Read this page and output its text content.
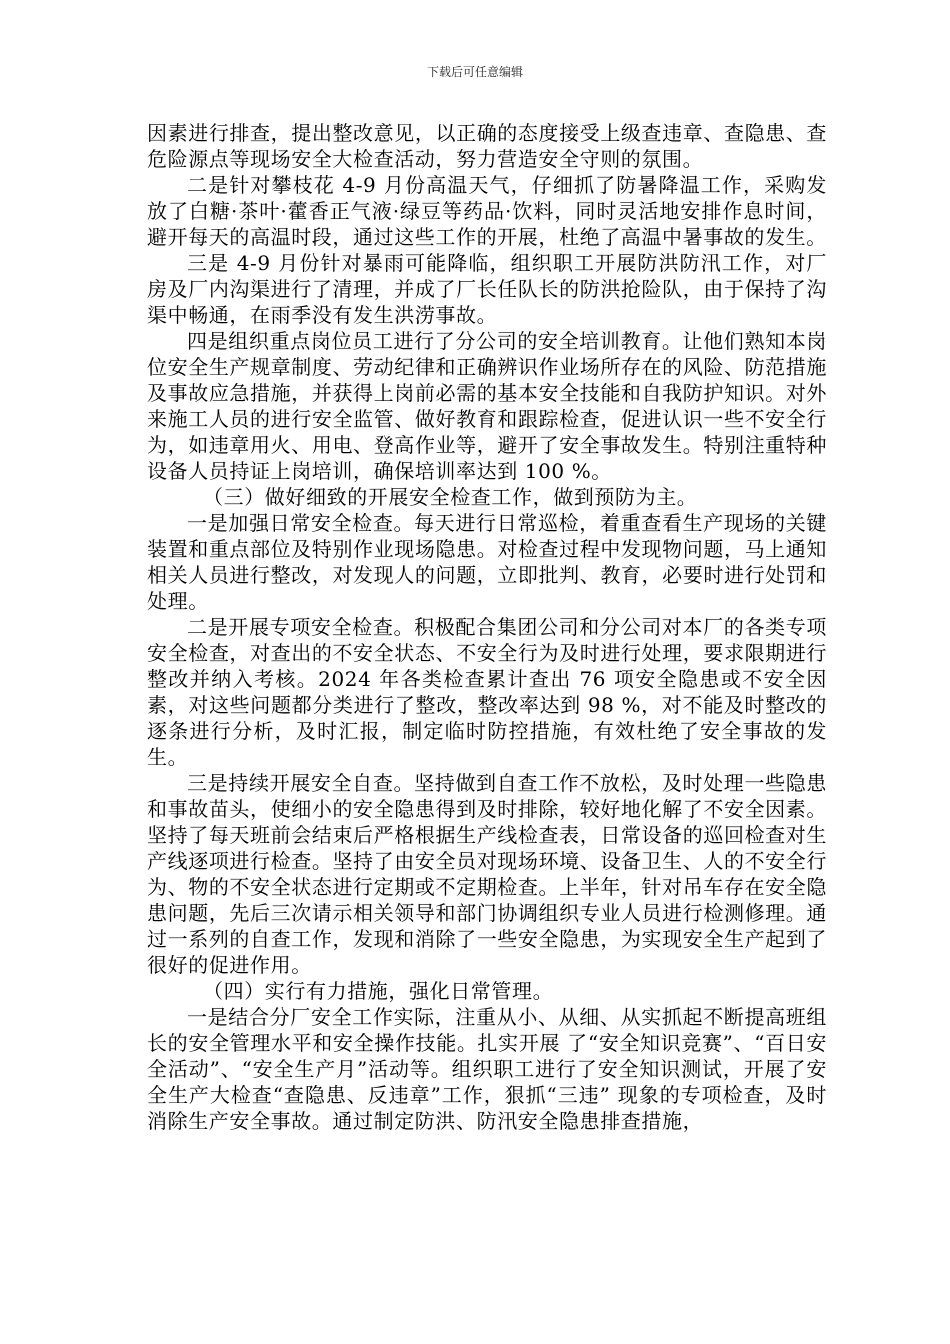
下载后可任意编辑

因素进行排查，提出整改意见，以正确的态度接受上级查违章、查隐患、查危险源点等现场安全大检查活动，努力营造安全守则的氛围。

二是针对攀枝花 4-9 月份高温天气，仔细抓了防暑降温工作，采购发放了白糖·茶叶·藿香正气液·绿豆等药品·饮料，同时灵活地安排作息时间，避开每天的高温时段，通过这些工作的开展，杜绝了高温中暑事故的发生。

三是 4-9 月份针对暴雨可能降临，组织职工开展防洪防汛工作，对厂房及厂内沟渠进行了清理，并成了厂长任队长的防洪抢险队，由于保持了沟渠中畅通，在雨季没有发生洪涝事故。

四是组织重点岗位员工进行了分公司的安全培训教育。让他们熟知本岗位安全生产规章制度、劳动纪律和正确辨识作业场所存在的风险、防范措施及事故应急措施，并获得上岗前必需的基本安全技能和自我防护知识。对外来施工人员的进行安全监管、做好教育和跟踪检查，促进认识一些不安全行为，如违章用火、用电、登高作业等，避开了安全事故发生。特别注重特种设备人员持证上岗培训，确保培训率达到 100 %。

（三）做好细致的开展安全检查工作，做到预防为主。

一是加强日常安全检查。每天进行日常巡检，着重查看生产现场的关键装置和重点部位及特别作业现场隐患。对检查过程中发现物问题，马上通知相关人员进行整改，对发现人的问题，立即批判、教育，必要时进行处罚和处理。

二是开展专项安全检查。积极配合集团公司和分公司对本厂的各类专项安全检查，对查出的不安全状态、不安全行为及时进行处理，要求限期进行整改并纳入考核。2024 年各类检查累计查出 76 项安全隐患或不安全因素，对这些问题都分类进行了整改，整改率达到 98 %，对不能及时整改的逐条进行分析，及时汇报，制定临时防控措施，有效杜绝了安全事故的发生。

三是持续开展安全自查。坚持做到自查工作不放松，及时处理一些隐患和事故苗头，使细小的安全隐患得到及时排除，较好地化解了不安全因素。坚持了每天班前会结束后严格根据生产线检查表，日常设备的巡回检查对生产线逐项进行检查。坚持了由安全员对现场环境、设备卫生、人的不安全行为、物的不安全状态进行定期或不定期检查。上半年，针对吊车存在安全隐患问题，先后三次请示相关领导和部门协调组织专业人员进行检测修理。通过一系列的自查工作，发现和消除了一些安全隐患，为实现安全生产起到了很好的促进作用。

（四）实行有力措施，强化日常管理。

一是结合分厂安全工作实际，注重从小、从细、从实抓起不断提高班组长的安全管理水平和安全操作技能。扎实开展 了“安全知识竞赛”、“百日安全活动”、“安全生产月”活动等。组织职工进行了安全知识测试，开展了安全生产大检查“查隐患、反违章”工作，狠抓“三违” 现象的专项检查，及时消除生产安全事故。通过制定防洪、防汛安全隐患排查措施，
